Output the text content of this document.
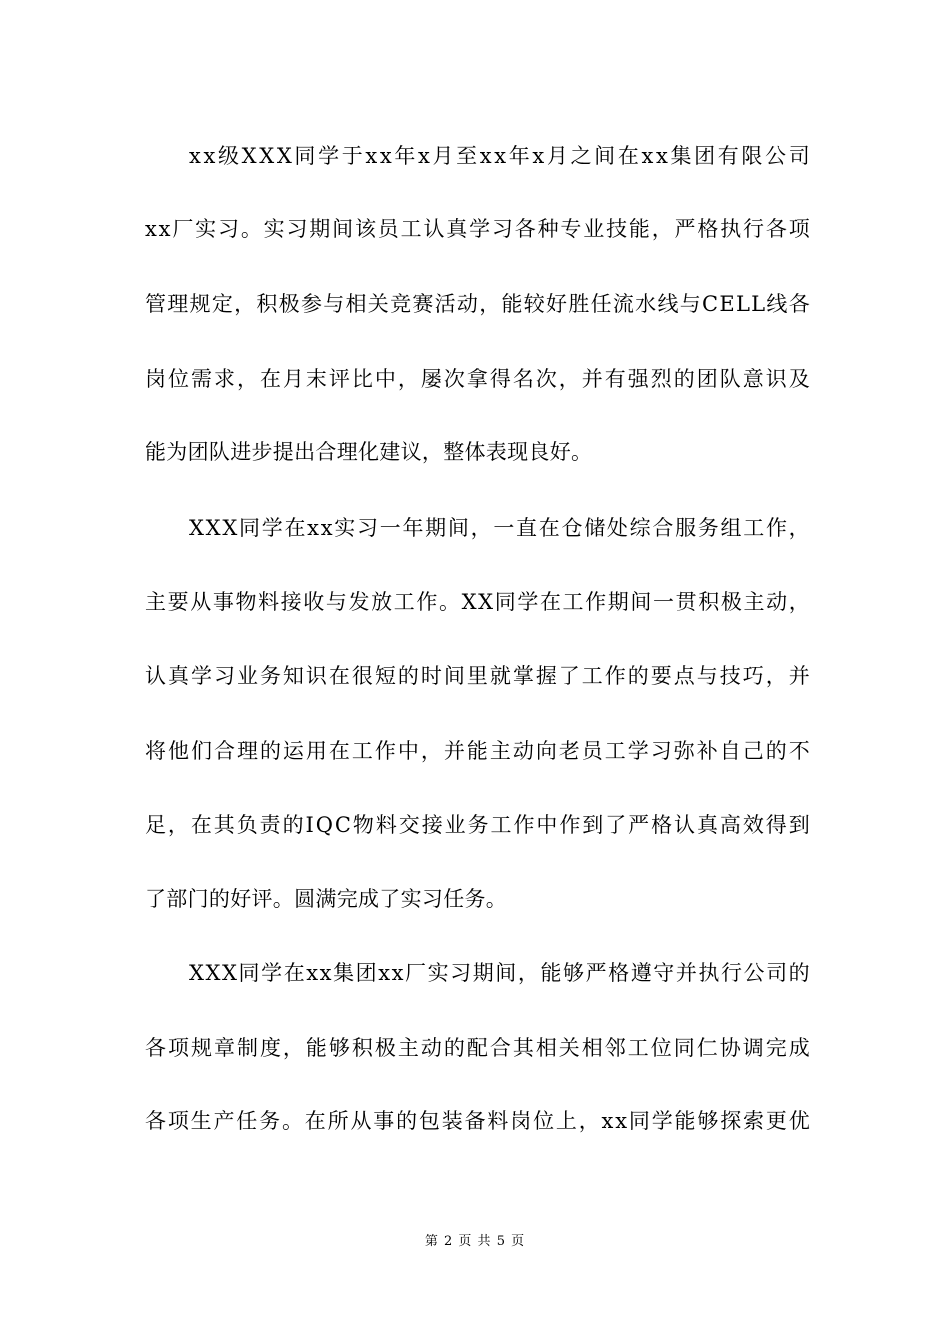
xx级XXX同学于xx年x月至xx年x月之间在xx集团有限公司
xx厂实习。实习期间该员工认真学习各种专业技能，严格执行各项
管理规定，积极参与相关竞赛活动，能较好胜任流水线与CELL线各
岗位需求，在月末评比中，屡次拿得名次，并有强烈的团队意识及
能为团队进步提出合理化建议，整体表现良好。
XXX同学在xx实习一年期间，一直在仓储处综合服务组工作，
主要从事物料接收与发放工作。XX同学在工作期间一贯积极主动，
认真学习业务知识在很短的时间里就掌握了工作的要点与技巧，并
将他们合理的运用在工作中，并能主动向老员工学习弥补自己的不
足，在其负责的IQC物料交接业务工作中作到了严格认真高效得到
了部门的好评。圆满完成了实习任务。
XXX同学在xx集团xx厂实习期间，能够严格遵守并执行公司的
各项规章制度，能够积极主动的配合其相关相邻工位同仁协调完成
各项生产任务。在所从事的包装备料岗位上，xx同学能够探索更优
第 2 页 共 5 页
